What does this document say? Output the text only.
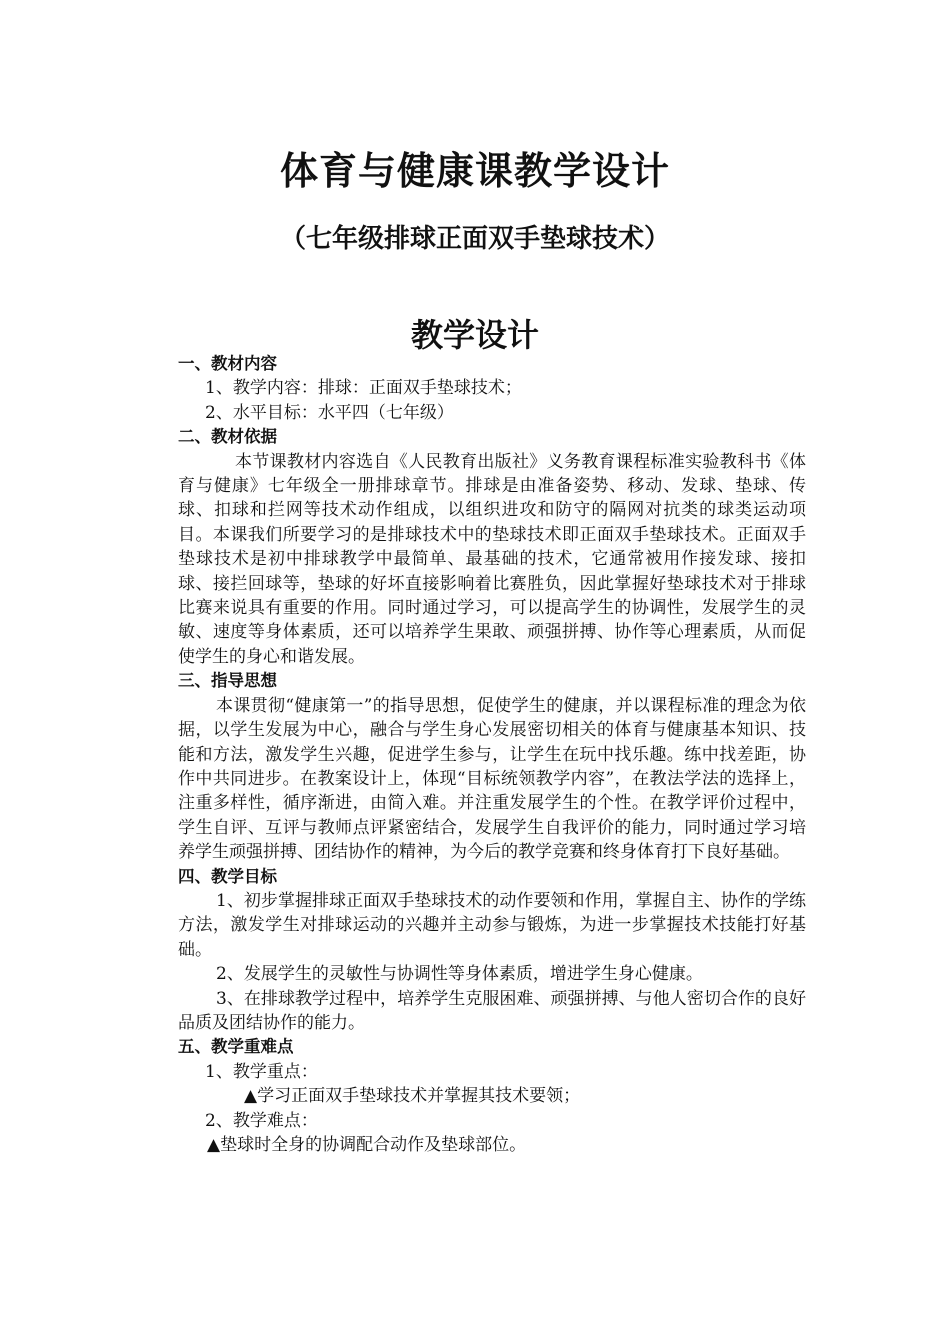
体育与健康课教学设计
（七年级排球正面双手垫球技术）
教学设计

一、教材内容

1、教学内容：排球：正面双手垫球技术；

2、水平目标：水平四（七年级）

二、教材依据

本节课教材内容选自《人民教育出版社》义务教育课程标准实验教科书《体育与健康》七年级全一册排球章节。排球是由准备姿势、移动、发球、垫球、传球、扣球和拦网等技术动作组成，以组织进攻和防守的隔网对抗类的球类运动项目。本课我们所要学习的是排球技术中的垫球技术即正面双手垫球技术。正面双手垫球技术是初中排球教学中最简单、最基础的技术，它通常被用作接发球、接扣球、接拦回球等，垫球的好坏直接影响着比赛胜负，因此掌握好垫球技术对于排球比赛来说具有重要的作用。同时通过学习，可以提高学生的协调性，发展学生的灵敏、速度等身体素质，还可以培养学生果敢、顽强拼搏、协作等心理素质，从而促使学生的身心和谐发展。

三、指导思想

本课贯彻“健康第一”的指导思想，促使学生的健康，并以课程标准的理念为依据，以学生发展为中心，融合与学生身心发展密切相关的体育与健康基本知识、技能和方法，激发学生兴趣，促进学生参与，让学生在玩中找乐趣。练中找差距，协作中共同进步。在教案设计上，体现“目标统领教学内容”，在教法学法的选择上，注重多样性，循序渐进，由简入难。并注重发展学生的个性。在教学评价过程中，学生自评、互评与教师点评紧密结合，发展学生自我评价的能力，同时通过学习培养学生顽强拼搏、团结协作的精神，为今后的教学竞赛和终身体育打下良好基础。

四、教学目标

1、初步掌握排球正面双手垫球技术的动作要领和作用，掌握自主、协作的学练方法，激发学生对排球运动的兴趣并主动参与锻炼，为进一步掌握技术技能打好基础。

2、发展学生的灵敏性与协调性等身体素质，增进学生身心健康。

3、在排球教学过程中，培养学生克服困难、顽强拼搏、与他人密切合作的良好品质及团结协作的能力。

五、教学重难点

1、教学重点：

▲学习正面双手垫球技术并掌握其技术要领；

2、教学难点：

▲垫球时全身的协调配合动作及垫球部位。
